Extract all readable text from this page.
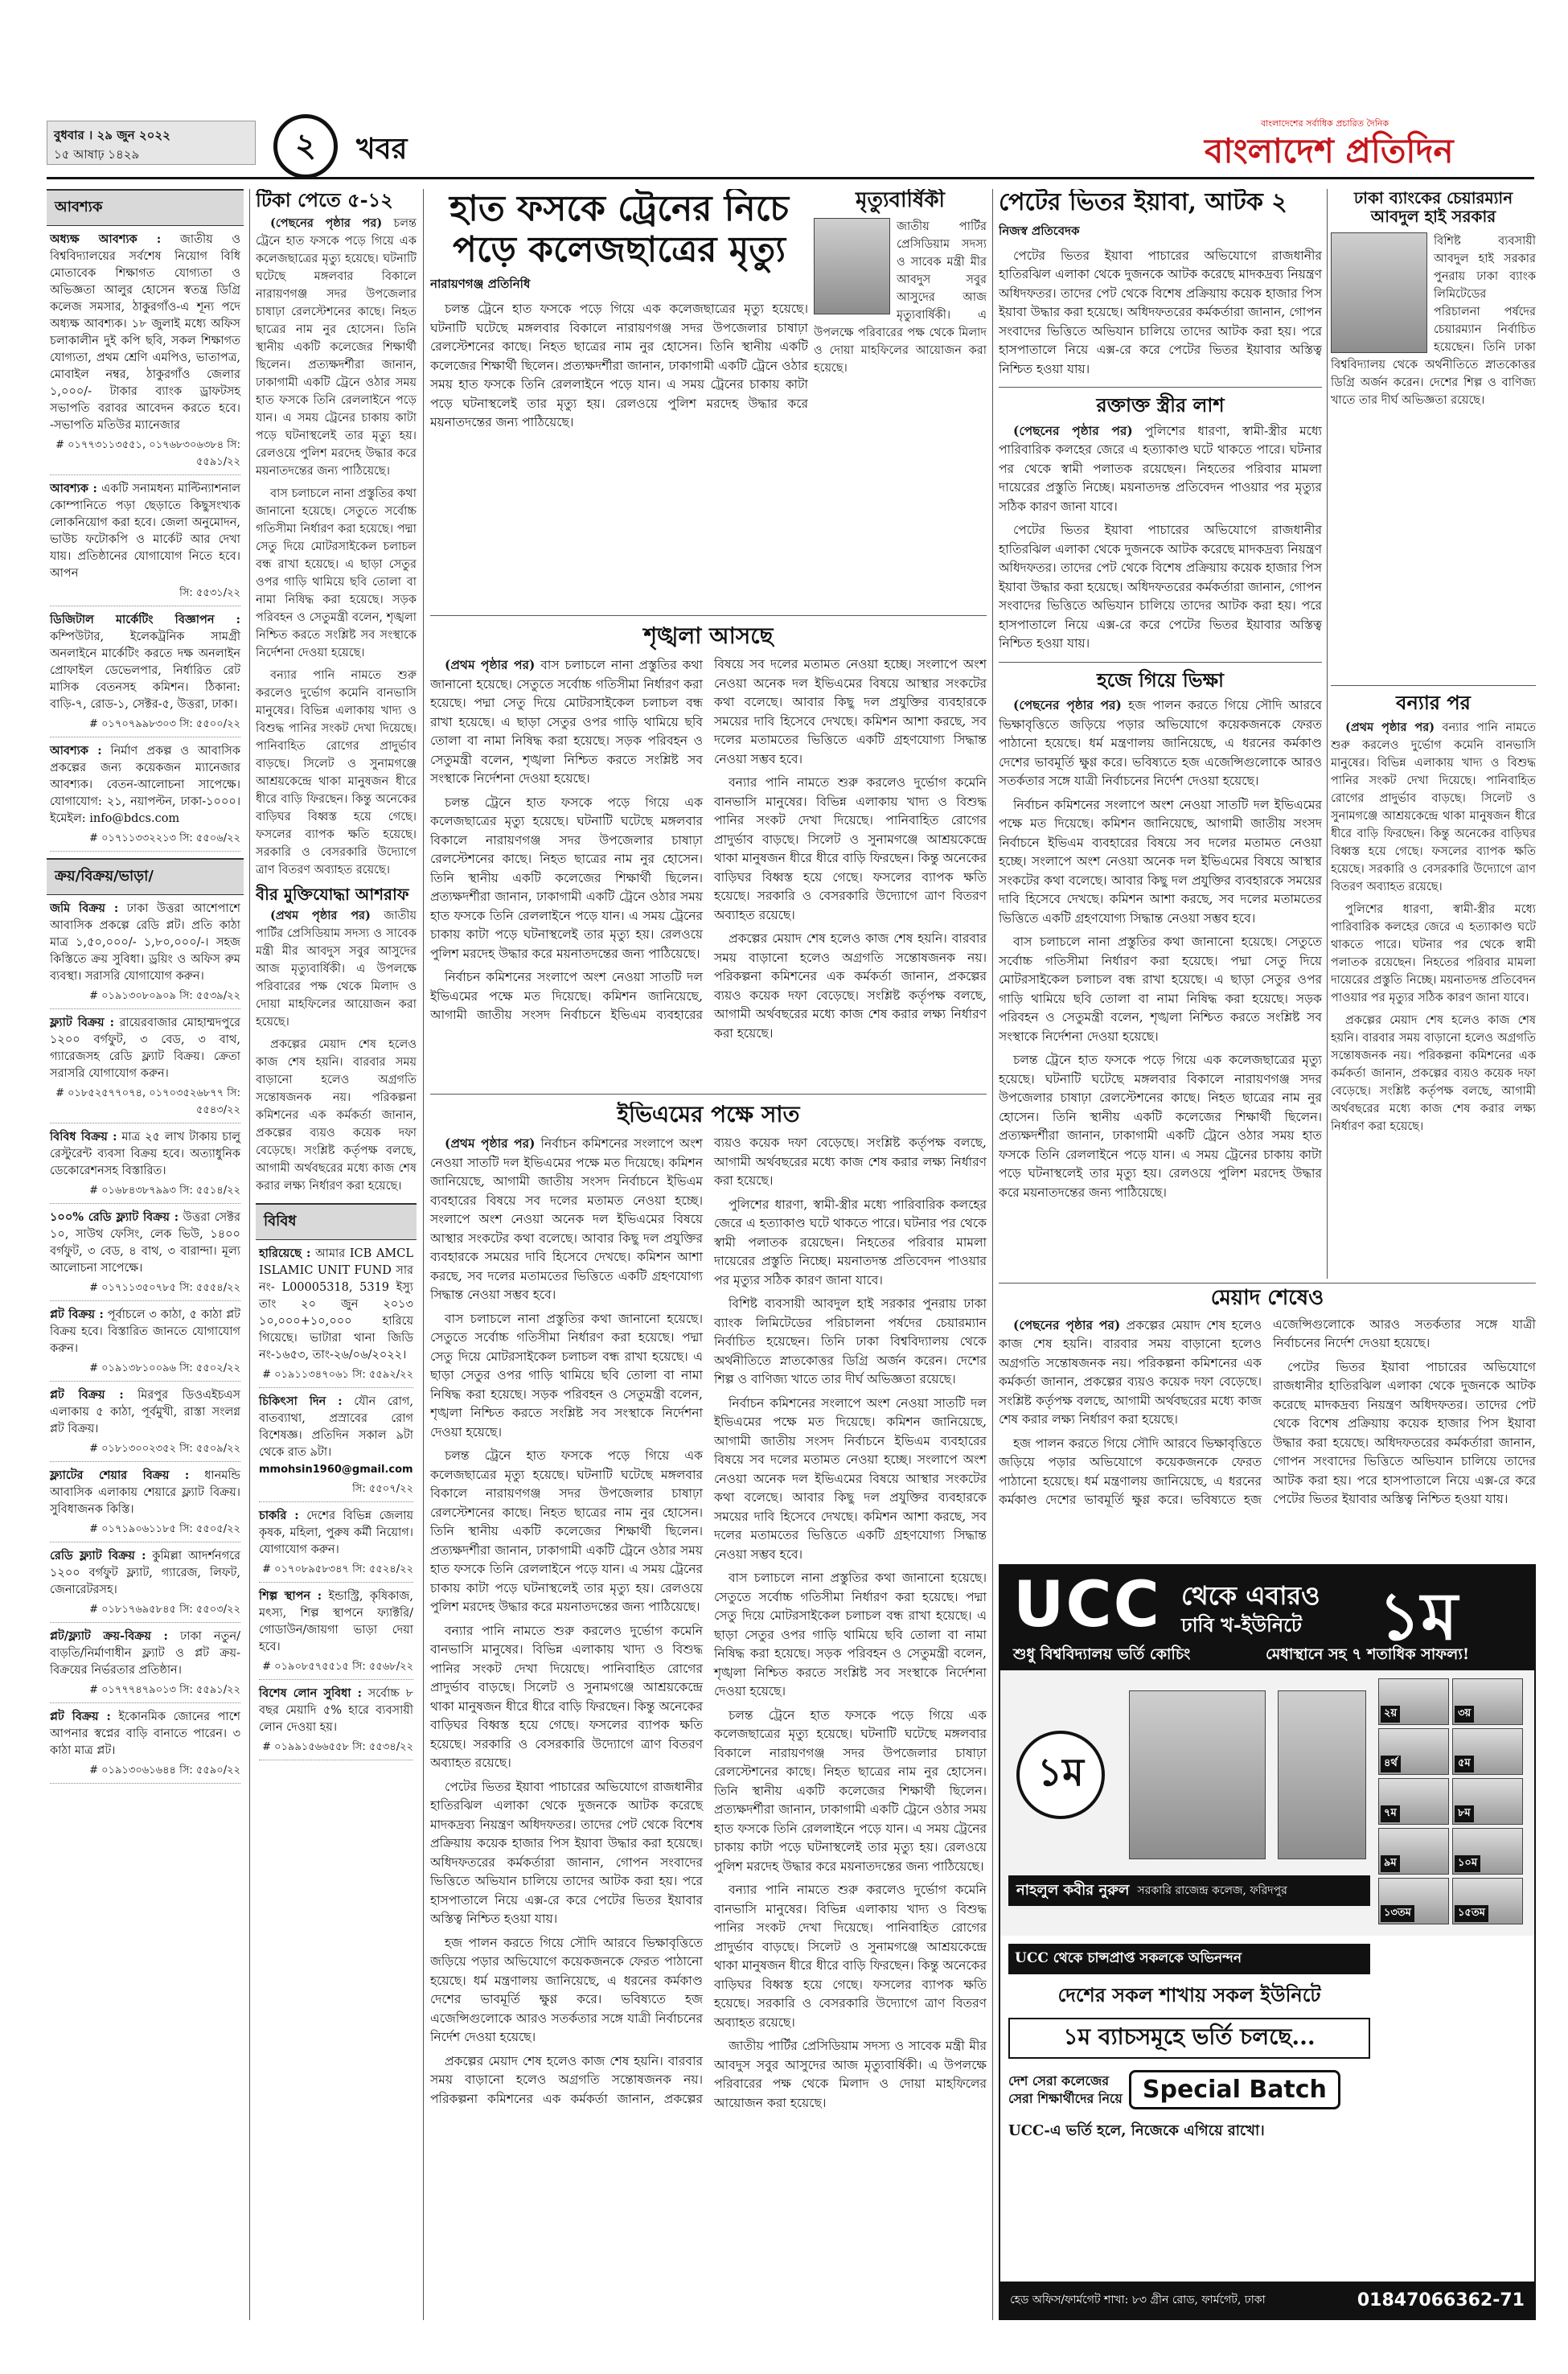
বুধবার । ২৯ জুন ২০২২
১৫ আষাঢ় ১৪২৯	২ খবর
বাংলাদেশের সর্বাধিক প্রচারিত দৈনিক
বাংলাদেশ প্রতিদিন
আবশ্যক
অধ্যক্ষ আবশ্যক : জাতীয় ও বিশ্ববিদ্যালয়ের সর্বশেষ নিয়োগ বিধি মোতাবেক শিক্ষাগত যোগ্যতা ও অভিজ্ঞতা আলুর হোসেন স্বতন্ত্র ডিগ্রি কলেজ সমসার, ঠাকুরগাঁও-এ শূন্য পদে অধ্যক্ষ আবশ্যক। ১৮ জুলাই মধ্যে অফিস চলাকালীন দুই কপি ছবি, সকল শিক্ষাগত যোগ্যতা, প্রথম শ্রেণি এমপিও, ভাতাপত্র, মোবাইল নম্বর, ঠাকুরগাঁও জেলার ১,০০০/- টাকার ব্যাংক ড্রাফটসহ সভাপতি বরাবর আবেদন করতে হবে। -সভাপতি মতিউর ম্যানেজার
# ০১৭৭৩১১৩৫৫১, ০১৭৬৮৩০৬৩৮৪ সি: ৫৫৯১/২২
আবশ্যক : একটি সনামধন্য মাল্টিন্যাশনাল কোম্পানিতে পড়া ছেড়াতে কিছুসংখ্যক লোকনিয়োগ করা হবে। জেলা অনুমোদন, ভাউচ ফটোকপি ও মার্কেট আর দেখা যায়। প্রতিষ্ঠানের যোগাযোগ নিতে হবে। আপন
সি: ৫৫৩১/২২
ডিজিটাল মার্কেটিং বিজ্ঞাপন : কম্পিউটার, ইলেকট্রনিক সামগ্রী অনলাইনে মার্কেটিং করতে দক্ষ অনলাইন প্রোফাইল ডেভেলপার, নির্ধারিত রেট মাসিক বেতনসহ কমিশন। ঠিকানা: বাড়ি-৭, রোড-১, সেক্টর-৫, উত্তরা, ঢাকা।
# ০১৭০৭৯৯৮৩০৩ সি: ৫৫০০/২২
আবশ্যক : নির্মাণ প্রকল্প ও আবাসিক প্রকল্পের জন্য কয়েকজন ম্যানেজার আবশ্যক। বেতন-আলোচনা সাপেক্ষে। যোগাযোগ: ২১, নয়াপল্টন, ঢাকা-১০০০। ইমেইল: info@bdcs.com
# ০১৭১১৩৩২২১৩ সি: ৫৫০৬/২২
ক্রয়/বিক্রয়/ভাড়া/
জমি বিক্রয় : ঢাকা উত্তরা আশেপাশে আবাসিক প্রকল্পে রেডি প্লট। প্রতি কাঠা মাত্র ১,৫০,০০০/- ১,৮০,০০০/-। সহজ কিস্তিতে ক্রয় সুবিধা। ড্রয়িং ও অফিস রুম ব্যবস্থা। সরাসরি যোগাযোগ করুন।
# ০১৯১৩০৮০৯০৯ সি: ৫৫৩৯/২২
ফ্ল্যাট বিক্রয় : রায়েরবাজার মোহাম্মদপুরে ১২০০ বর্গফুট, ৩ বেড, ৩ বাথ, গ্যারেজসহ রেডি ফ্ল্যাট বিক্রয়। ক্রেতা সরাসরি যোগাযোগ করুন।
# ০১৮৫২৫৭৭০৭৪, ০১৭০৩৫২৬৮৭৭ সি: ৫৫৪৩/২২
বিবিধ বিক্রয় : মাত্র ২৫ লাখ টাকায় চালু রেস্টুরেন্ট ব্যবসা বিক্রয় হবে। অত্যাধুনিক ডেকোরেশনসহ বিস্তারিত।
# ০১৬৮৪৩৮৭৯৯৩ সি: ৫৫১৪/২২
১০০% রেডি ফ্ল্যাট বিক্রয় : উত্তরা সেক্টর ১০, সাউথ ফেসিং, লেক ভিউ, ১৪০০ বর্গফুট, ৩ বেড, ৪ বাথ, ৩ বারান্দা। মূল্য আলোচনা সাপেক্ষে।
# ০১৭১১৩৫০৭৮৫ সি: ৫৫৫৪/২২
প্লট বিক্রয় : পূর্বাচলে ৩ কাঠা, ৫ কাঠা প্লট বিক্রয় হবে। বিস্তারিত জানতে যোগাযোগ করুন।
# ০১৯১৩৮১০০৯৬ সি: ৫৫০২/২২
প্লট বিক্রয় : মিরপুর ডিওএইচএস এলাকায় ৫ কাঠা, পূর্বমুখী, রাস্তা সংলগ্ন প্লট বিক্রয়।
# ০১৮১৩০০২৩৫২ সি: ৫৫০৯/২২
ফ্ল্যাটের শেয়ার বিক্রয় : ধানমন্ডি আবাসিক এলাকায় শেয়ারে ফ্ল্যাট বিক্রয়। সুবিধাজনক কিস্তি।
# ০১৭১৯০৬১১৮৫ সি: ৫৫০৫/২২
রেডি ফ্ল্যাট বিক্রয় : কুমিল্লা আদর্শনগরে ১২০০ বর্গফুট ফ্ল্যাট, গ্যারেজ, লিফট, জেনারেটরসহ।
# ০১৮১৭৬৯৫৮৪৫ সি: ৫৫০৩/২২
প্লট/ফ্ল্যাট ক্রয়-বিক্রয় : ঢাকা নতুন/বাড়তি/নির্মাণাধীন ফ্ল্যাট ও প্লট ক্রয়-বিক্রয়ের নির্ভরতার প্রতিষ্ঠান।
# ০১৭৭৭৪৭৯০১৩ সি: ৫৫৯১/২২
প্লট বিক্রয় : ইকোনমিক জোনের পাশে আপনার স্বপ্নের বাড়ি বানাতে পারেন। ৩ কাঠা মাত্র প্লট।
# ০১৯১৩০৬১৬৪৪ সি: ৫৫৯০/২২
টিকা পেতে ৫-১২

(পেছনের পৃষ্ঠার পর) চলন্ত ট্রেনে হাত ফসকে পড়ে গিয়ে এক কলেজছাত্রের মৃত্যু হয়েছে। ঘটনাটি ঘটেছে মঙ্গলবার বিকালে নারায়ণগঞ্জ সদর উপজেলার চাষাঢ়া রেলস্টেশনের কাছে। নিহত ছাত্রের নাম নুর হোসেন। তিনি স্থানীয় একটি কলেজের শিক্ষার্থী ছিলেন। প্রত্যক্ষদর্শীরা জানান, ঢাকাগামী একটি ট্রেনে ওঠার সময় হাত ফসকে তিনি রেললাইনে পড়ে যান। এ সময় ট্রেনের চাকায় কাটা পড়ে ঘটনাস্থলেই তার মৃত্যু হয়। রেলওয়ে পুলিশ মরদেহ উদ্ধার করে ময়নাতদন্তের জন্য পাঠিয়েছে।

বাস চলাচলে নানা প্রস্তুতির কথা জানানো হয়েছে। সেতুতে সর্বোচ্চ গতিসীমা নির্ধারণ করা হয়েছে। পদ্মা সেতু দিয়ে মোটরসাইকেল চলাচল বন্ধ রাখা হয়েছে। এ ছাড়া সেতুর ওপর গাড়ি থামিয়ে ছবি তোলা বা নামা নিষিদ্ধ করা হয়েছে। সড়ক পরিবহন ও সেতুমন্ত্রী বলেন, শৃঙ্খলা নিশ্চিত করতে সংশ্লিষ্ট সব সংস্থাকে নির্দেশনা দেওয়া হয়েছে।

বন্যার পানি নামতে শুরু করলেও দুর্ভোগ কমেনি বানভাসি মানুষের। বিভিন্ন এলাকায় খাদ্য ও বিশুদ্ধ পানির সংকট দেখা দিয়েছে। পানিবাহিত রোগের প্রাদুর্ভাব বাড়ছে। সিলেট ও সুনামগঞ্জে আশ্রয়কেন্দ্রে থাকা মানুষজন ধীরে ধীরে বাড়ি ফিরছেন। কিন্তু অনেকের বাড়িঘর বিধ্বস্ত হয়ে গেছে। ফসলের ব্যাপক ক্ষতি হয়েছে। সরকারি ও বেসরকারি উদ্যোগে ত্রাণ বিতরণ অব্যাহত রয়েছে।

বীর মুক্তিযোদ্ধা আশরাফ

(প্রথম পৃষ্ঠার পর) জাতীয় পার্টির প্রেসিডিয়াম সদস্য ও সাবেক মন্ত্রী মীর আবদুস সবুর আসুদের আজ মৃত্যুবার্ষিকী। এ উপলক্ষে পরিবারের পক্ষ থেকে মিলাদ ও দোয়া মাহফিলের আয়োজন করা হয়েছে।

প্রকল্পের মেয়াদ শেষ হলেও কাজ শেষ হয়নি। বারবার সময় বাড়ানো হলেও অগ্রগতি সন্তোষজনক নয়। পরিকল্পনা কমিশনের এক কর্মকর্তা জানান, প্রকল্পের ব্যয়ও কয়েক দফা বেড়েছে। সংশ্লিষ্ট কর্তৃপক্ষ বলছে, আগামী অর্থবছরের মধ্যে কাজ শেষ করার লক্ষ্য নির্ধারণ করা হয়েছে।

বিবিধ
হারিয়েছে : আমার ICB AMCL ISLAMIC UNIT FUND সার নং- L00005318, 5319 ইস্যু তাং ২০ জুন ২০১৩ ১০,০০০+১০,০০০ হারিয়ে গিয়েছে। ভাটারা থানা জিডি নং-১৬৫৩, তাং-২৬/০৬/২০২২।
# ০১৯১১৩৪৭০৬১ সি: ৫৫৯২/২২
চিকিৎসা দিন : যৌন রোগ, বাতব্যাথা, প্রস্রাবের রোগ বিশেষজ্ঞ। প্রতিদিন সকাল ৯টা থেকে রাত ৯টা।
mmohsin1960@gmail.com
সি: ৫৫০৭/২২
চাকরি : দেশের বিভিন্ন জেলায় কৃষক, মহিলা, পুরুষ কর্মী নিয়োগ। যোগাযোগ করুন।
# ০১৭০৮৯৫৮৩৪৭ সি: ৫৫২৪/২২
শিল্প স্থাপন : ইন্ডাস্ট্রি, কৃষিকাজ, মৎস্য, শিল্প স্থাপনে ফ্যাক্টরি/গোডাউন/জায়গা ভাড়া দেয়া হবে।
# ০১৯০৮৫৭৫৫১৫ সি: ৫৫৬৮/২২
বিশেষ লোন সুবিধা : সর্বোচ্চ ৮ বছর মেয়াদি ৫% হারে ব্যবসায়ী লোন দেওয়া হয়।
# ০১৯৯১৫৬৬৫৫৮ সি: ৫৫৩৪/২২
হাত ফসকে ট্রেনের নিচে
পড়ে কলেজছাত্রের মৃত্যু
নারায়ণগঞ্জ প্রতিনিধি

চলন্ত ট্রেনে হাত ফসকে পড়ে গিয়ে এক কলেজছাত্রের মৃত্যু হয়েছে। ঘটনাটি ঘটেছে মঙ্গলবার বিকালে নারায়ণগঞ্জ সদর উপজেলার চাষাঢ়া রেলস্টেশনের কাছে। নিহত ছাত্রের নাম নুর হোসেন। তিনি স্থানীয় একটি কলেজের শিক্ষার্থী ছিলেন। প্রত্যক্ষদর্শীরা জানান, ঢাকাগামী একটি ট্রেনে ওঠার সময় হাত ফসকে তিনি রেললাইনে পড়ে যান। এ সময় ট্রেনের চাকায় কাটা পড়ে ঘটনাস্থলেই তার মৃত্যু হয়। রেলওয়ে পুলিশ মরদেহ উদ্ধার করে ময়নাতদন্তের জন্য পাঠিয়েছে।

মৃত্যুবার্ষিকী
জাতীয় পার্টির প্রেসিডিয়াম সদস্য ও সাবেক মন্ত্রী মীর আবদুস সবুর আসুদের আজ মৃত্যুবার্ষিকী। এ উপলক্ষে পরিবারের পক্ষ থেকে মিলাদ ও দোয়া মাহফিলের আয়োজন করা হয়েছে।
শৃঙ্খলা আসছে

(প্রথম পৃষ্ঠার পর) বাস চলাচলে নানা প্রস্তুতির কথা জানানো হয়েছে। সেতুতে সর্বোচ্চ গতিসীমা নির্ধারণ করা হয়েছে। পদ্মা সেতু দিয়ে মোটরসাইকেল চলাচল বন্ধ রাখা হয়েছে। এ ছাড়া সেতুর ওপর গাড়ি থামিয়ে ছবি তোলা বা নামা নিষিদ্ধ করা হয়েছে। সড়ক পরিবহন ও সেতুমন্ত্রী বলেন, শৃঙ্খলা নিশ্চিত করতে সংশ্লিষ্ট সব সংস্থাকে নির্দেশনা দেওয়া হয়েছে।

চলন্ত ট্রেনে হাত ফসকে পড়ে গিয়ে এক কলেজছাত্রের মৃত্যু হয়েছে। ঘটনাটি ঘটেছে মঙ্গলবার বিকালে নারায়ণগঞ্জ সদর উপজেলার চাষাঢ়া রেলস্টেশনের কাছে। নিহত ছাত্রের নাম নুর হোসেন। তিনি স্থানীয় একটি কলেজের শিক্ষার্থী ছিলেন। প্রত্যক্ষদর্শীরা জানান, ঢাকাগামী একটি ট্রেনে ওঠার সময় হাত ফসকে তিনি রেললাইনে পড়ে যান। এ সময় ট্রেনের চাকায় কাটা পড়ে ঘটনাস্থলেই তার মৃত্যু হয়। রেলওয়ে পুলিশ মরদেহ উদ্ধার করে ময়নাতদন্তের জন্য পাঠিয়েছে।

নির্বাচন কমিশনের সংলাপে অংশ নেওয়া সাতটি দল ইভিএমের পক্ষে মত দিয়েছে। কমিশন জানিয়েছে, আগামী জাতীয় সংসদ নির্বাচনে ইভিএম ব্যবহারের বিষয়ে সব দলের মতামত নেওয়া হচ্ছে। সংলাপে অংশ নেওয়া অনেক দল ইভিএমের বিষয়ে আস্থার সংকটের কথা বলেছে। আবার কিছু দল প্রযুক্তির ব্যবহারকে সময়ের দাবি হিসেবে দেখছে। কমিশন আশা করছে, সব দলের মতামতের ভিত্তিতে একটি গ্রহণযোগ্য সিদ্ধান্ত নেওয়া সম্ভব হবে।

বন্যার পানি নামতে শুরু করলেও দুর্ভোগ কমেনি বানভাসি মানুষের। বিভিন্ন এলাকায় খাদ্য ও বিশুদ্ধ পানির সংকট দেখা দিয়েছে। পানিবাহিত রোগের প্রাদুর্ভাব বাড়ছে। সিলেট ও সুনামগঞ্জে আশ্রয়কেন্দ্রে থাকা মানুষজন ধীরে ধীরে বাড়ি ফিরছেন। কিন্তু অনেকের বাড়িঘর বিধ্বস্ত হয়ে গেছে। ফসলের ব্যাপক ক্ষতি হয়েছে। সরকারি ও বেসরকারি উদ্যোগে ত্রাণ বিতরণ অব্যাহত রয়েছে।

প্রকল্পের মেয়াদ শেষ হলেও কাজ শেষ হয়নি। বারবার সময় বাড়ানো হলেও অগ্রগতি সন্তোষজনক নয়। পরিকল্পনা কমিশনের এক কর্মকর্তা জানান, প্রকল্পের ব্যয়ও কয়েক দফা বেড়েছে। সংশ্লিষ্ট কর্তৃপক্ষ বলছে, আগামী অর্থবছরের মধ্যে কাজ শেষ করার লক্ষ্য নির্ধারণ করা হয়েছে।

ইভিএমের পক্ষে সাত

(প্রথম পৃষ্ঠার পর) নির্বাচন কমিশনের সংলাপে অংশ নেওয়া সাতটি দল ইভিএমের পক্ষে মত দিয়েছে। কমিশন জানিয়েছে, আগামী জাতীয় সংসদ নির্বাচনে ইভিএম ব্যবহারের বিষয়ে সব দলের মতামত নেওয়া হচ্ছে। সংলাপে অংশ নেওয়া অনেক দল ইভিএমের বিষয়ে আস্থার সংকটের কথা বলেছে। আবার কিছু দল প্রযুক্তির ব্যবহারকে সময়ের দাবি হিসেবে দেখছে। কমিশন আশা করছে, সব দলের মতামতের ভিত্তিতে একটি গ্রহণযোগ্য সিদ্ধান্ত নেওয়া সম্ভব হবে।

বাস চলাচলে নানা প্রস্তুতির কথা জানানো হয়েছে। সেতুতে সর্বোচ্চ গতিসীমা নির্ধারণ করা হয়েছে। পদ্মা সেতু দিয়ে মোটরসাইকেল চলাচল বন্ধ রাখা হয়েছে। এ ছাড়া সেতুর ওপর গাড়ি থামিয়ে ছবি তোলা বা নামা নিষিদ্ধ করা হয়েছে। সড়ক পরিবহন ও সেতুমন্ত্রী বলেন, শৃঙ্খলা নিশ্চিত করতে সংশ্লিষ্ট সব সংস্থাকে নির্দেশনা দেওয়া হয়েছে।

চলন্ত ট্রেনে হাত ফসকে পড়ে গিয়ে এক কলেজছাত্রের মৃত্যু হয়েছে। ঘটনাটি ঘটেছে মঙ্গলবার বিকালে নারায়ণগঞ্জ সদর উপজেলার চাষাঢ়া রেলস্টেশনের কাছে। নিহত ছাত্রের নাম নুর হোসেন। তিনি স্থানীয় একটি কলেজের শিক্ষার্থী ছিলেন। প্রত্যক্ষদর্শীরা জানান, ঢাকাগামী একটি ট্রেনে ওঠার সময় হাত ফসকে তিনি রেললাইনে পড়ে যান। এ সময় ট্রেনের চাকায় কাটা পড়ে ঘটনাস্থলেই তার মৃত্যু হয়। রেলওয়ে পুলিশ মরদেহ উদ্ধার করে ময়নাতদন্তের জন্য পাঠিয়েছে।

বন্যার পানি নামতে শুরু করলেও দুর্ভোগ কমেনি বানভাসি মানুষের। বিভিন্ন এলাকায় খাদ্য ও বিশুদ্ধ পানির সংকট দেখা দিয়েছে। পানিবাহিত রোগের প্রাদুর্ভাব বাড়ছে। সিলেট ও সুনামগঞ্জে আশ্রয়কেন্দ্রে থাকা মানুষজন ধীরে ধীরে বাড়ি ফিরছেন। কিন্তু অনেকের বাড়িঘর বিধ্বস্ত হয়ে গেছে। ফসলের ব্যাপক ক্ষতি হয়েছে। সরকারি ও বেসরকারি উদ্যোগে ত্রাণ বিতরণ অব্যাহত রয়েছে।

পেটের ভিতর ইয়াবা পাচারের অভিযোগে রাজধানীর হাতিরঝিল এলাকা থেকে দুজনকে আটক করেছে মাদকদ্রব্য নিয়ন্ত্রণ অধিদফতর। তাদের পেট থেকে বিশেষ প্রক্রিয়ায় কয়েক হাজার পিস ইয়াবা উদ্ধার করা হয়েছে। অধিদফতরের কর্মকর্তারা জানান, গোপন সংবাদের ভিত্তিতে অভিযান চালিয়ে তাদের আটক করা হয়। পরে হাসপাতালে নিয়ে এক্স-রে করে পেটের ভিতর ইয়াবার অস্তিত্ব নিশ্চিত হওয়া যায়।

হজ পালন করতে গিয়ে সৌদি আরবে ভিক্ষাবৃত্তিতে জড়িয়ে পড়ার অভিযোগে কয়েকজনকে ফেরত পাঠানো হয়েছে। ধর্ম মন্ত্রণালয় জানিয়েছে, এ ধরনের কর্মকাণ্ড দেশের ভাবমূর্তি ক্ষুণ্ণ করে। ভবিষ্যতে হজ এজেন্সিগুলোকে আরও সতর্কতার সঙ্গে যাত্রী নির্বাচনের নির্দেশ দেওয়া হয়েছে।

প্রকল্পের মেয়াদ শেষ হলেও কাজ শেষ হয়নি। বারবার সময় বাড়ানো হলেও অগ্রগতি সন্তোষজনক নয়। পরিকল্পনা কমিশনের এক কর্মকর্তা জানান, প্রকল্পের ব্যয়ও কয়েক দফা বেড়েছে। সংশ্লিষ্ট কর্তৃপক্ষ বলছে, আগামী অর্থবছরের মধ্যে কাজ শেষ করার লক্ষ্য নির্ধারণ করা হয়েছে।

পুলিশের ধারণা, স্বামী-স্ত্রীর মধ্যে পারিবারিক কলহের জেরে এ হত্যাকাণ্ড ঘটে থাকতে পারে। ঘটনার পর থেকে স্বামী পলাতক রয়েছেন। নিহতের পরিবার মামলা দায়েরের প্রস্তুতি নিচ্ছে। ময়নাতদন্ত প্রতিবেদন পাওয়ার পর মৃত্যুর সঠিক কারণ জানা যাবে।

বিশিষ্ট ব্যবসায়ী আবদুল হাই সরকার পুনরায় ঢাকা ব্যাংক লিমিটেডের পরিচালনা পর্ষদের চেয়ারম্যান নির্বাচিত হয়েছেন। তিনি ঢাকা বিশ্ববিদ্যালয় থেকে অর্থনীতিতে স্নাতকোত্তর ডিগ্রি অর্জন করেন। দেশের শিল্প ও বাণিজ্য খাতে তার দীর্ঘ অভিজ্ঞতা রয়েছে।

নির্বাচন কমিশনের সংলাপে অংশ নেওয়া সাতটি দল ইভিএমের পক্ষে মত দিয়েছে। কমিশন জানিয়েছে, আগামী জাতীয় সংসদ নির্বাচনে ইভিএম ব্যবহারের বিষয়ে সব দলের মতামত নেওয়া হচ্ছে। সংলাপে অংশ নেওয়া অনেক দল ইভিএমের বিষয়ে আস্থার সংকটের কথা বলেছে। আবার কিছু দল প্রযুক্তির ব্যবহারকে সময়ের দাবি হিসেবে দেখছে। কমিশন আশা করছে, সব দলের মতামতের ভিত্তিতে একটি গ্রহণযোগ্য সিদ্ধান্ত নেওয়া সম্ভব হবে।

বাস চলাচলে নানা প্রস্তুতির কথা জানানো হয়েছে। সেতুতে সর্বোচ্চ গতিসীমা নির্ধারণ করা হয়েছে। পদ্মা সেতু দিয়ে মোটরসাইকেল চলাচল বন্ধ রাখা হয়েছে। এ ছাড়া সেতুর ওপর গাড়ি থামিয়ে ছবি তোলা বা নামা নিষিদ্ধ করা হয়েছে। সড়ক পরিবহন ও সেতুমন্ত্রী বলেন, শৃঙ্খলা নিশ্চিত করতে সংশ্লিষ্ট সব সংস্থাকে নির্দেশনা দেওয়া হয়েছে।

চলন্ত ট্রেনে হাত ফসকে পড়ে গিয়ে এক কলেজছাত্রের মৃত্যু হয়েছে। ঘটনাটি ঘটেছে মঙ্গলবার বিকালে নারায়ণগঞ্জ সদর উপজেলার চাষাঢ়া রেলস্টেশনের কাছে। নিহত ছাত্রের নাম নুর হোসেন। তিনি স্থানীয় একটি কলেজের শিক্ষার্থী ছিলেন। প্রত্যক্ষদর্শীরা জানান, ঢাকাগামী একটি ট্রেনে ওঠার সময় হাত ফসকে তিনি রেললাইনে পড়ে যান। এ সময় ট্রেনের চাকায় কাটা পড়ে ঘটনাস্থলেই তার মৃত্যু হয়। রেলওয়ে পুলিশ মরদেহ উদ্ধার করে ময়নাতদন্তের জন্য পাঠিয়েছে।

বন্যার পানি নামতে শুরু করলেও দুর্ভোগ কমেনি বানভাসি মানুষের। বিভিন্ন এলাকায় খাদ্য ও বিশুদ্ধ পানির সংকট দেখা দিয়েছে। পানিবাহিত রোগের প্রাদুর্ভাব বাড়ছে। সিলেট ও সুনামগঞ্জে আশ্রয়কেন্দ্রে থাকা মানুষজন ধীরে ধীরে বাড়ি ফিরছেন। কিন্তু অনেকের বাড়িঘর বিধ্বস্ত হয়ে গেছে। ফসলের ব্যাপক ক্ষতি হয়েছে। সরকারি ও বেসরকারি উদ্যোগে ত্রাণ বিতরণ অব্যাহত রয়েছে।

জাতীয় পার্টির প্রেসিডিয়াম সদস্য ও সাবেক মন্ত্রী মীর আবদুস সবুর আসুদের আজ মৃত্যুবার্ষিকী। এ উপলক্ষে পরিবারের পক্ষ থেকে মিলাদ ও দোয়া মাহফিলের আয়োজন করা হয়েছে।

পেটের ভিতর ইয়াবা, আটক ২
নিজস্ব প্রতিবেদক

পেটের ভিতর ইয়াবা পাচারের অভিযোগে রাজধানীর হাতিরঝিল এলাকা থেকে দুজনকে আটক করেছে মাদকদ্রব্য নিয়ন্ত্রণ অধিদফতর। তাদের পেট থেকে বিশেষ প্রক্রিয়ায় কয়েক হাজার পিস ইয়াবা উদ্ধার করা হয়েছে। অধিদফতরের কর্মকর্তারা জানান, গোপন সংবাদের ভিত্তিতে অভিযান চালিয়ে তাদের আটক করা হয়। পরে হাসপাতালে নিয়ে এক্স-রে করে পেটের ভিতর ইয়াবার অস্তিত্ব নিশ্চিত হওয়া যায়।

রক্তাক্ত স্ত্রীর লাশ

(পেছনের পৃষ্ঠার পর) পুলিশের ধারণা, স্বামী-স্ত্রীর মধ্যে পারিবারিক কলহের জেরে এ হত্যাকাণ্ড ঘটে থাকতে পারে। ঘটনার পর থেকে স্বামী পলাতক রয়েছেন। নিহতের পরিবার মামলা দায়েরের প্রস্তুতি নিচ্ছে। ময়নাতদন্ত প্রতিবেদন পাওয়ার পর মৃত্যুর সঠিক কারণ জানা যাবে।

পেটের ভিতর ইয়াবা পাচারের অভিযোগে রাজধানীর হাতিরঝিল এলাকা থেকে দুজনকে আটক করেছে মাদকদ্রব্য নিয়ন্ত্রণ অধিদফতর। তাদের পেট থেকে বিশেষ প্রক্রিয়ায় কয়েক হাজার পিস ইয়াবা উদ্ধার করা হয়েছে। অধিদফতরের কর্মকর্তারা জানান, গোপন সংবাদের ভিত্তিতে অভিযান চালিয়ে তাদের আটক করা হয়। পরে হাসপাতালে নিয়ে এক্স-রে করে পেটের ভিতর ইয়াবার অস্তিত্ব নিশ্চিত হওয়া যায়।

হজে গিয়ে ভিক্ষা

(পেছনের পৃষ্ঠার পর) হজ পালন করতে গিয়ে সৌদি আরবে ভিক্ষাবৃত্তিতে জড়িয়ে পড়ার অভিযোগে কয়েকজনকে ফেরত পাঠানো হয়েছে। ধর্ম মন্ত্রণালয় জানিয়েছে, এ ধরনের কর্মকাণ্ড দেশের ভাবমূর্তি ক্ষুণ্ণ করে। ভবিষ্যতে হজ এজেন্সিগুলোকে আরও সতর্কতার সঙ্গে যাত্রী নির্বাচনের নির্দেশ দেওয়া হয়েছে।

নির্বাচন কমিশনের সংলাপে অংশ নেওয়া সাতটি দল ইভিএমের পক্ষে মত দিয়েছে। কমিশন জানিয়েছে, আগামী জাতীয় সংসদ নির্বাচনে ইভিএম ব্যবহারের বিষয়ে সব দলের মতামত নেওয়া হচ্ছে। সংলাপে অংশ নেওয়া অনেক দল ইভিএমের বিষয়ে আস্থার সংকটের কথা বলেছে। আবার কিছু দল প্রযুক্তির ব্যবহারকে সময়ের দাবি হিসেবে দেখছে। কমিশন আশা করছে, সব দলের মতামতের ভিত্তিতে একটি গ্রহণযোগ্য সিদ্ধান্ত নেওয়া সম্ভব হবে।

বাস চলাচলে নানা প্রস্তুতির কথা জানানো হয়েছে। সেতুতে সর্বোচ্চ গতিসীমা নির্ধারণ করা হয়েছে। পদ্মা সেতু দিয়ে মোটরসাইকেল চলাচল বন্ধ রাখা হয়েছে। এ ছাড়া সেতুর ওপর গাড়ি থামিয়ে ছবি তোলা বা নামা নিষিদ্ধ করা হয়েছে। সড়ক পরিবহন ও সেতুমন্ত্রী বলেন, শৃঙ্খলা নিশ্চিত করতে সংশ্লিষ্ট সব সংস্থাকে নির্দেশনা দেওয়া হয়েছে।

চলন্ত ট্রেনে হাত ফসকে পড়ে গিয়ে এক কলেজছাত্রের মৃত্যু হয়েছে। ঘটনাটি ঘটেছে মঙ্গলবার বিকালে নারায়ণগঞ্জ সদর উপজেলার চাষাঢ়া রেলস্টেশনের কাছে। নিহত ছাত্রের নাম নুর হোসেন। তিনি স্থানীয় একটি কলেজের শিক্ষার্থী ছিলেন। প্রত্যক্ষদর্শীরা জানান, ঢাকাগামী একটি ট্রেনে ওঠার সময় হাত ফসকে তিনি রেললাইনে পড়ে যান। এ সময় ট্রেনের চাকায় কাটা পড়ে ঘটনাস্থলেই তার মৃত্যু হয়। রেলওয়ে পুলিশ মরদেহ উদ্ধার করে ময়নাতদন্তের জন্য পাঠিয়েছে।

ঢাকা ব্যাংকের চেয়ারম্যান
আবদুল হাই সরকার
বিশিষ্ট ব্যবসায়ী আবদুল হাই সরকার পুনরায় ঢাকা ব্যাংক লিমিটেডের পরিচালনা পর্ষদের চেয়ারম্যান নির্বাচিত হয়েছেন। তিনি ঢাকা বিশ্ববিদ্যালয় থেকে অর্থনীতিতে স্নাতকোত্তর ডিগ্রি অর্জন করেন। দেশের শিল্প ও বাণিজ্য খাতে তার দীর্ঘ অভিজ্ঞতা রয়েছে।
বন্যার পর

(প্রথম পৃষ্ঠার পর) বন্যার পানি নামতে শুরু করলেও দুর্ভোগ কমেনি বানভাসি মানুষের। বিভিন্ন এলাকায় খাদ্য ও বিশুদ্ধ পানির সংকট দেখা দিয়েছে। পানিবাহিত রোগের প্রাদুর্ভাব বাড়ছে। সিলেট ও সুনামগঞ্জে আশ্রয়কেন্দ্রে থাকা মানুষজন ধীরে ধীরে বাড়ি ফিরছেন। কিন্তু অনেকের বাড়িঘর বিধ্বস্ত হয়ে গেছে। ফসলের ব্যাপক ক্ষতি হয়েছে। সরকারি ও বেসরকারি উদ্যোগে ত্রাণ বিতরণ অব্যাহত রয়েছে।

পুলিশের ধারণা, স্বামী-স্ত্রীর মধ্যে পারিবারিক কলহের জেরে এ হত্যাকাণ্ড ঘটে থাকতে পারে। ঘটনার পর থেকে স্বামী পলাতক রয়েছেন। নিহতের পরিবার মামলা দায়েরের প্রস্তুতি নিচ্ছে। ময়নাতদন্ত প্রতিবেদন পাওয়ার পর মৃত্যুর সঠিক কারণ জানা যাবে।

প্রকল্পের মেয়াদ শেষ হলেও কাজ শেষ হয়নি। বারবার সময় বাড়ানো হলেও অগ্রগতি সন্তোষজনক নয়। পরিকল্পনা কমিশনের এক কর্মকর্তা জানান, প্রকল্পের ব্যয়ও কয়েক দফা বেড়েছে। সংশ্লিষ্ট কর্তৃপক্ষ বলছে, আগামী অর্থবছরের মধ্যে কাজ শেষ করার লক্ষ্য নির্ধারণ করা হয়েছে।

মেয়াদ শেষেও

(পেছনের পৃষ্ঠার পর) প্রকল্পের মেয়াদ শেষ হলেও কাজ শেষ হয়নি। বারবার সময় বাড়ানো হলেও অগ্রগতি সন্তোষজনক নয়। পরিকল্পনা কমিশনের এক কর্মকর্তা জানান, প্রকল্পের ব্যয়ও কয়েক দফা বেড়েছে। সংশ্লিষ্ট কর্তৃপক্ষ বলছে, আগামী অর্থবছরের মধ্যে কাজ শেষ করার লক্ষ্য নির্ধারণ করা হয়েছে।

হজ পালন করতে গিয়ে সৌদি আরবে ভিক্ষাবৃত্তিতে জড়িয়ে পড়ার অভিযোগে কয়েকজনকে ফেরত পাঠানো হয়েছে। ধর্ম মন্ত্রণালয় জানিয়েছে, এ ধরনের কর্মকাণ্ড দেশের ভাবমূর্তি ক্ষুণ্ণ করে। ভবিষ্যতে হজ এজেন্সিগুলোকে আরও সতর্কতার সঙ্গে যাত্রী নির্বাচনের নির্দেশ দেওয়া হয়েছে।

পেটের ভিতর ইয়াবা পাচারের অভিযোগে রাজধানীর হাতিরঝিল এলাকা থেকে দুজনকে আটক করেছে মাদকদ্রব্য নিয়ন্ত্রণ অধিদফতর। তাদের পেট থেকে বিশেষ প্রক্রিয়ায় কয়েক হাজার পিস ইয়াবা উদ্ধার করা হয়েছে। অধিদফতরের কর্মকর্তারা জানান, গোপন সংবাদের ভিত্তিতে অভিযান চালিয়ে তাদের আটক করা হয়। পরে হাসপাতালে নিয়ে এক্স-রে করে পেটের ভিতর ইয়াবার অস্তিত্ব নিশ্চিত হওয়া যায়।

UCC থেকে এবারও
ঢাবি খ-ইউনিটে ১ম
শুধু বিশ্ববিদ্যালয় ভর্তি কোচিং	মেধাস্থানে সহ ৭ শতাধিক সাফল্য!
১ম
২য়	৩য়
৪র্থ	৫ম
৭ম	৮ম
৯ম	১০ম
১৩তম	১৫তম
নাহলুল কবীর নুরুল সরকারি রাজেন্দ্র কলেজ, ফরিদপুর
UCC থেকে চান্সপ্রাপ্ত সকলকে অভিনন্দন
দেশের সকল শাখায় সকল ইউনিটে
১ম ব্যাচসমূহে ভর্তি চলছে...
দেশ সেরা কলেজের
সেরা শিক্ষার্থীদের নিয়ে Special Batch
UCC-এ ভর্তি হলে, নিজেকে এগিয়ে রাখো।
হেড অফিস/ফার্মগেট শাখা: ৮৩ গ্রীন রোড, ফার্মগেট, ঢাকা	01847066362-71
